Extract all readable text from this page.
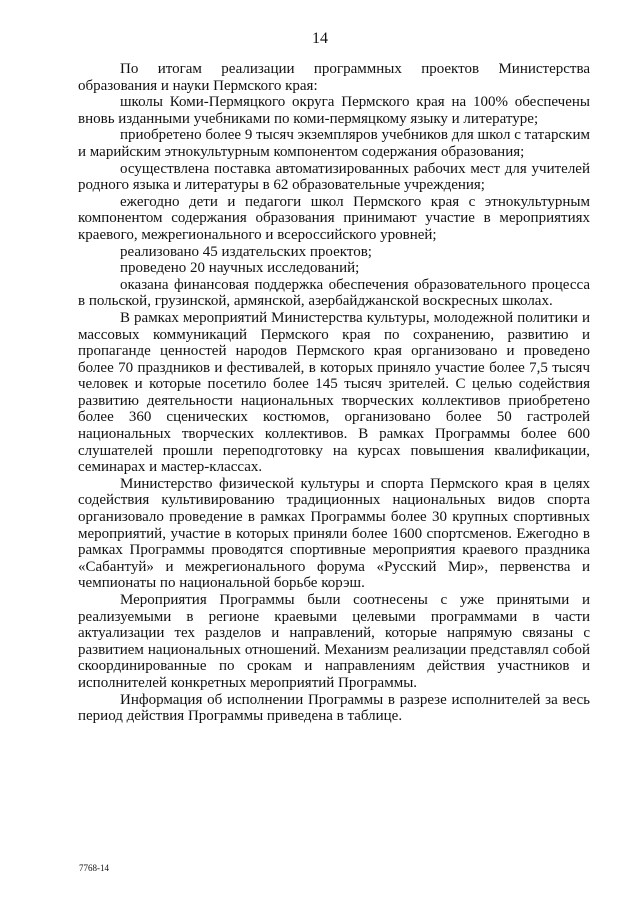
14

По итогам реализации программных проектов Министерства образования и науки Пермского края:

школы Коми-Пермяцкого округа Пермского края на 100% обеспечены вновь изданными учебниками по коми-пермяцкому языку и литературе;

приобретено более 9 тысяч экземпляров учебников для школ с татарским и марийским этнокультурным компонентом содержания образования;

осуществлена поставка автоматизированных рабочих мест для учителей родного языка и литературы в 62 образовательные учреждения;

ежегодно дети и педагоги школ Пермского края с этнокультурным компонентом содержания образования принимают участие в мероприятиях краевого, межрегионального и всероссийского уровней;

реализовано 45 издательских проектов;

проведено 20 научных исследований;

оказана финансовая поддержка обеспечения образовательного процесса в польской, грузинской, армянской, азербайджанской воскресных школах.

В рамках мероприятий Министерства культуры, молодежной политики и массовых коммуникаций Пермского края по сохранению, развитию и пропаганде ценностей народов Пермского края организовано и проведено более 70 праздников и фестивалей, в которых приняло участие более 7,5 тысяч человек и которые посетило более 145 тысяч зрителей. С целью содействия развитию деятельности национальных творческих коллективов приобретено более 360 сценических костюмов, организовано более 50 гастролей национальных творческих коллективов. В рамках Программы более 600 слушателей прошли переподготовку на курсах повышения квалификации, семинарах и мастер-классах.

Министерство физической культуры и спорта Пермского края в целях содействия культивированию традиционных национальных видов спорта организовало проведение в рамках Программы более 30 крупных спортивных мероприятий, участие в которых приняли более 1600 спортсменов. Ежегодно в рамках Программы проводятся спортивные мероприятия краевого праздника «Сабантуй» и межрегионального форума «Русский Мир», первенства и чемпионаты по национальной борьбе корэш.

Мероприятия Программы были соотнесены с уже принятыми и реализуемыми в регионе краевыми целевыми программами в части актуализации тех разделов и направлений, которые напрямую связаны с развитием национальных отношений. Механизм реализации представлял собой скоординированные по срокам и направлениям действия участников и исполнителей конкретных мероприятий Программы.

Информация об исполнении Программы в разрезе исполнителей за весь период действия Программы приведена в таблице.

7768-14
